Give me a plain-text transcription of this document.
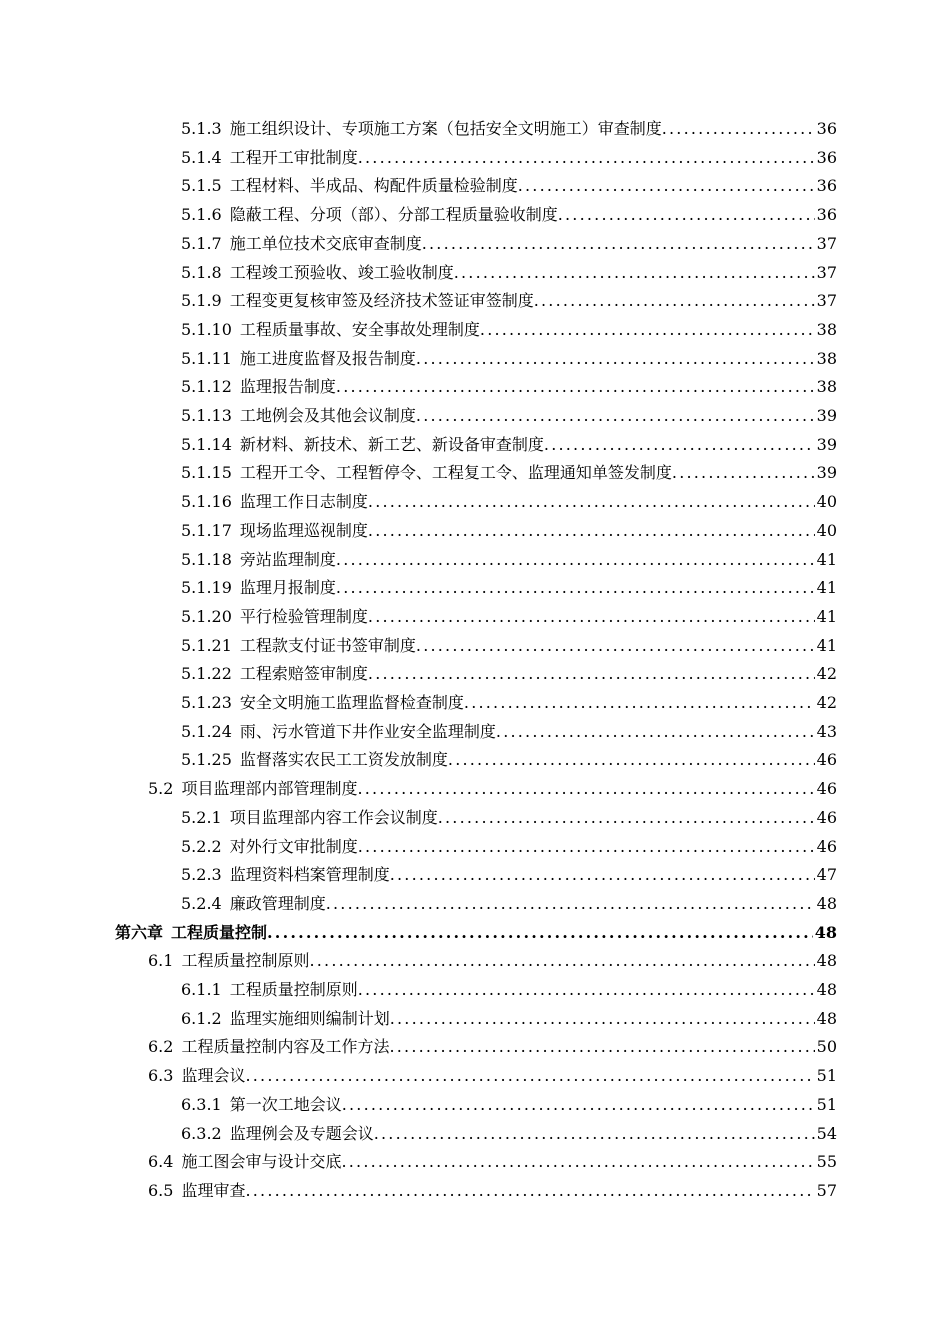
5.1.3 施工组织设计、专项施工方案（包括安全文明施工）审查制度 .....	36
5.1.4 工程开工审批制度 .....	36
5.1.5 工程材料、半成品、构配件质量检验制度 .....	36
5.1.6 隐蔽工程、分项（部）、分部工程质量验收制度 .....	36
5.1.7 施工单位技术交底审查制度 .....	37
5.1.8 工程竣工预验收、竣工验收制度 .....	37
5.1.9 工程变更复核审签及经济技术签证审签制度 .....	37
5.1.10 工程质量事故、安全事故处理制度 .....	38
5.1.11 施工进度监督及报告制度 .....	38
5.1.12 监理报告制度 .....	38
5.1.13 工地例会及其他会议制度 .....	39
5.1.14 新材料、新技术、新工艺、新设备审查制度 .....	39
5.1.15 工程开工令、工程暂停令、工程复工令、监理通知单签发制度 .....	39
5.1.16 监理工作日志制度 .....	40
5.1.17 现场监理巡视制度 .....	40
5.1.18 旁站监理制度 .....	41
5.1.19 监理月报制度 .....	41
5.1.20 平行检验管理制度 .....	41
5.1.21 工程款支付证书签审制度 .....	41
5.1.22 工程索赔签审制度 .....	42
5.1.23 安全文明施工监理监督检查制度 .....	42
5.1.24 雨、污水管道下井作业安全监理制度 .....	43
5.1.25 监督落实农民工工资发放制度 .....	46
5.2 项目监理部内部管理制度 .....	46
5.2.1 项目监理部内容工作会议制度 .....	46
5.2.2 对外行文审批制度 .....	46
5.2.3 监理资料档案管理制度 .....	47
5.2.4 廉政管理制度 .....	48
第六章 工程质量控制 .....	48
6.1 工程质量控制原则 .....	48
6.1.1 工程质量控制原则 .....	48
6.1.2 监理实施细则编制计划 .....	48
6.2 工程质量控制内容及工作方法 .....	50
6.3 监理会议 .....	51
6.3.1 第一次工地会议 .....	51
6.3.2 监理例会及专题会议 .....	54
6.4 施工图会审与设计交底 .....	55
6.5 监理审查 .....	57
